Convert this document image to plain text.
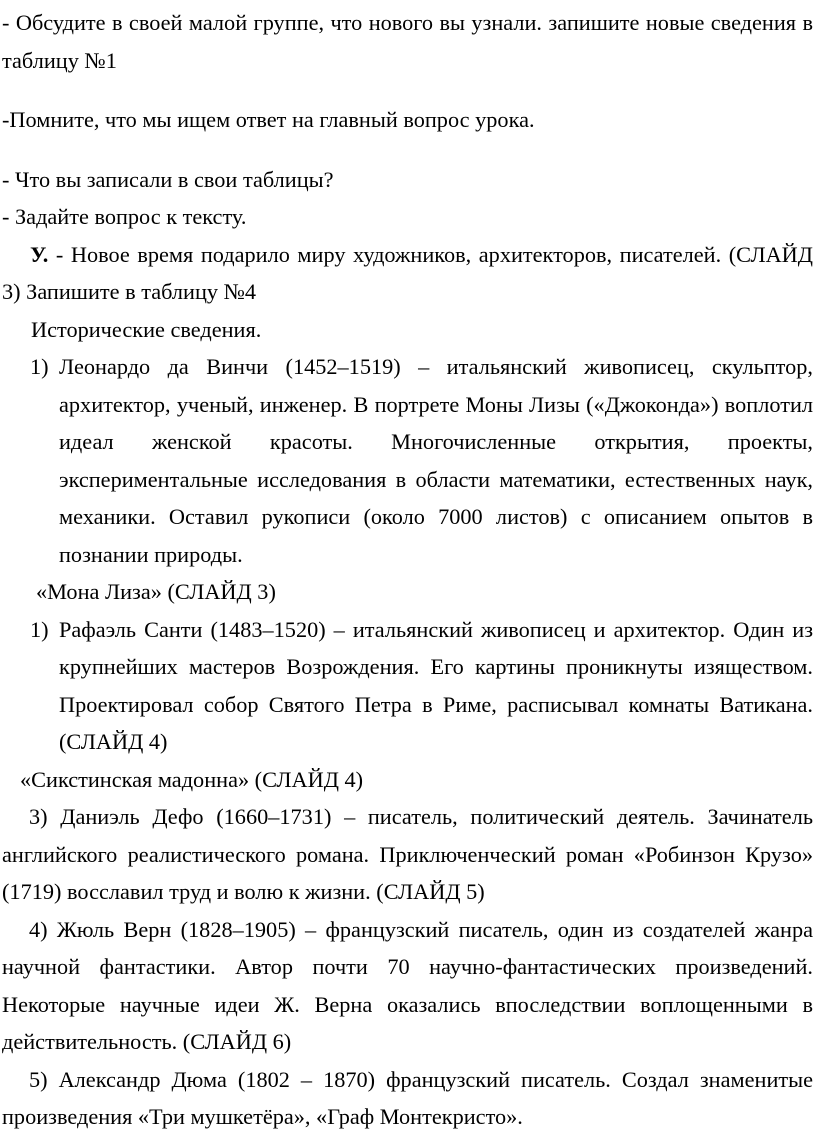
- Обсудите в своей малой группе, что нового вы узнали. запишите новые сведения в таблицу №1

-Помните, что мы ищем ответ на главный вопрос урока.

- Что вы записали в свои таблицы?

- Задайте вопрос к тексту.

У. - Новое время подарило миру художников, архитекторов, писателей. (СЛАЙД 3) Запишите в таблицу №4

Исторические сведения.

1) Леонардо да Винчи (1452–1519) – итальянский живописец, скульптор, архитектор, ученый, инженер. В портрете Моны Лизы («Джоконда») воплотил идеал женской красоты. Многочисленные открытия, проекты, экспериментальные исследования в области математики, естественных наук, механики. Оставил рукописи (около 7000 листов) с описанием опытов в познании природы.

«Мона Лиза» (СЛАЙД 3)

1) Рафаэль Санти (1483–1520) – итальянский живописец и архитектор. Один из крупнейших мастеров Возрождения. Его картины проникнуты изяществом. Проектировал собор Святого Петра в Риме, расписывал комнаты Ватикана. (СЛАЙД 4)

«Сикстинская мадонна» (СЛАЙД 4)

3) Даниэль Дефо (1660–1731) – писатель, политический деятель. Зачинатель английского реалистического романа. Приключенческий роман «Робинзон Крузо» (1719) восславил труд и волю к жизни. (СЛАЙД 5)

4) Жюль Верн (1828–1905) – французский писатель, один из создателей жанра научной фантастики. Автор почти 70 научно-фантастических произведений. Некоторые научные идеи Ж. Верна оказались впоследствии воплощенными в действительность. (СЛАЙД 6)

5) Александр Дюма (1802 – 1870) французский писатель. Создал знаменитые произведения «Три мушкетёра», «Граф Монтекристо».
